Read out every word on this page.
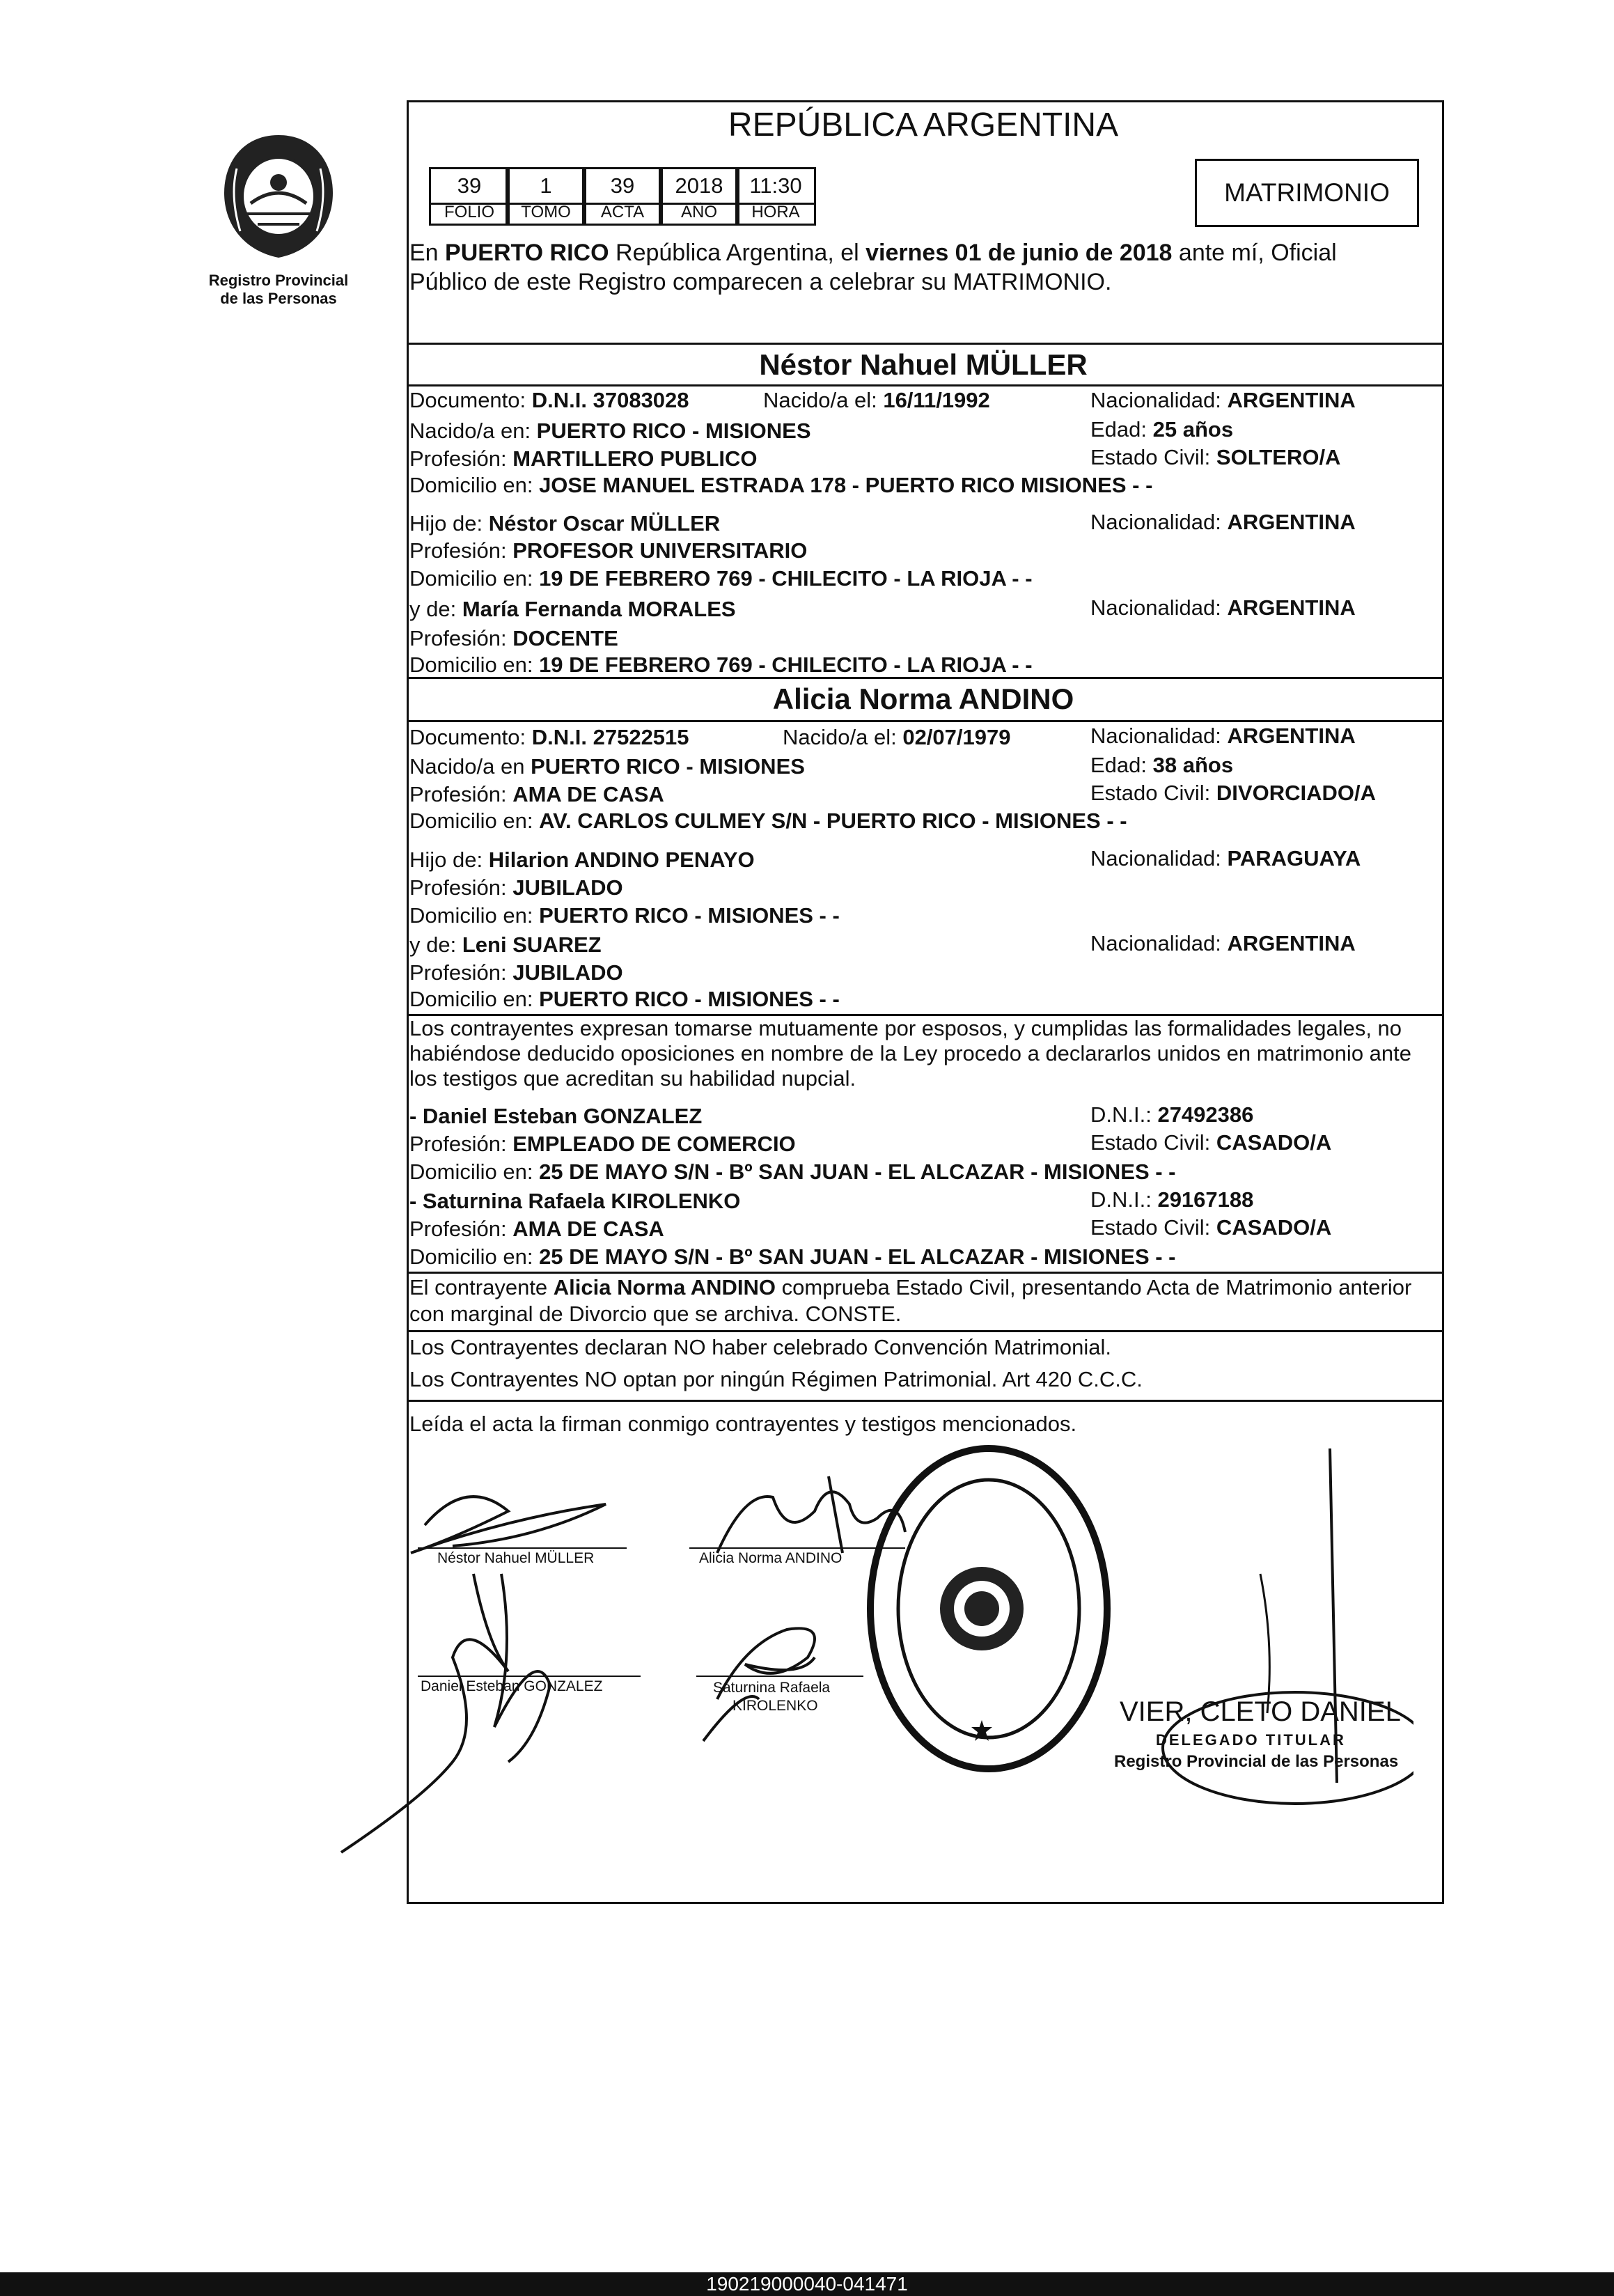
Registro Provincial
de las Personas
REPÚBLICA ARGENTINA
39	1	39	2018	11:30
FOLIO	TOMO	ACTA	AÑO	HORA
MATRIMONIO
En PUERTO RICO República Argentina, el viernes 01 de junio de 2018 ante mí, Oficial
Público de este Registro comparecen a celebrar su MATRIMONIO.
Néstor Nahuel MÜLLER
Documento: D.N.I. 37083028	Nacido/a el: 16/11/1992	Nacionalidad: ARGENTINA
Nacido/a en: PUERTO RICO - MISIONES	Edad: 25 años
Profesión: MARTILLERO PUBLICO	Estado Civil: SOLTERO/A
Domicilio en: JOSE MANUEL ESTRADA 178 - PUERTO RICO MISIONES - -
Hijo de: Néstor Oscar MÜLLER	Nacionalidad: ARGENTINA
Profesión: PROFESOR UNIVERSITARIO
Domicilio en: 19 DE FEBRERO 769 - CHILECITO - LA RIOJA - -
y de: María Fernanda MORALES	Nacionalidad: ARGENTINA
Profesión: DOCENTE
Domicilio en: 19 DE FEBRERO 769 - CHILECITO - LA RIOJA - -
Alicia Norma ANDINO
Documento: D.N.I. 27522515	Nacido/a el: 02/07/1979	Nacionalidad: ARGENTINA
Nacido/a en PUERTO RICO - MISIONES	Edad: 38 años
Profesión: AMA DE CASA	Estado Civil: DIVORCIADO/A
Domicilio en: AV. CARLOS CULMEY S/N - PUERTO RICO - MISIONES - -
Hijo de: Hilarion ANDINO PENAYO	Nacionalidad: PARAGUAYA
Profesión: JUBILADO
Domicilio en: PUERTO RICO - MISIONES - -
y de: Leni SUAREZ	Nacionalidad: ARGENTINA
Profesión: JUBILADO
Domicilio en: PUERTO RICO - MISIONES - -
Los contrayentes expresan tomarse mutuamente por esposos, y cumplidas las formalidades legales, no
habiéndose deducido oposiciones en nombre de la Ley procedo a declararlos unidos en matrimonio ante
los testigos que acreditan su habilidad nupcial.
- Daniel Esteban GONZALEZ	D.N.I.: 27492386
Profesión: EMPLEADO DE COMERCIO	Estado Civil: CASADO/A
Domicilio en: 25 DE MAYO S/N - Bº SAN JUAN - EL ALCAZAR - MISIONES - -
- Saturnina Rafaela KIROLENKO	D.N.I.: 29167188
Profesión: AMA DE CASA	Estado Civil: CASADO/A
Domicilio en: 25 DE MAYO S/N - Bº SAN JUAN - EL ALCAZAR - MISIONES - -
El contrayente Alicia Norma ANDINO comprueba Estado Civil, presentando Acta de Matrimonio anterior
con marginal de Divorcio que se archiva. CONSTE.
Los Contrayentes declaran NO haber celebrado Convención Matrimonial.
Los Contrayentes NO optan por ningún Régimen Patrimonial. Art 420 C.C.C.
Leída el acta la firman conmigo contrayentes y testigos mencionados.
Néstor Nahuel MÜLLER	Alicia Norma ANDINO
Daniel Esteban GONZALEZ	Saturnina Rafaela
KIROLENKO	VIER, CLETO DANIEL
DELEGADO TITULAR
Registro Provincial de las Personas
190219000040-041471
